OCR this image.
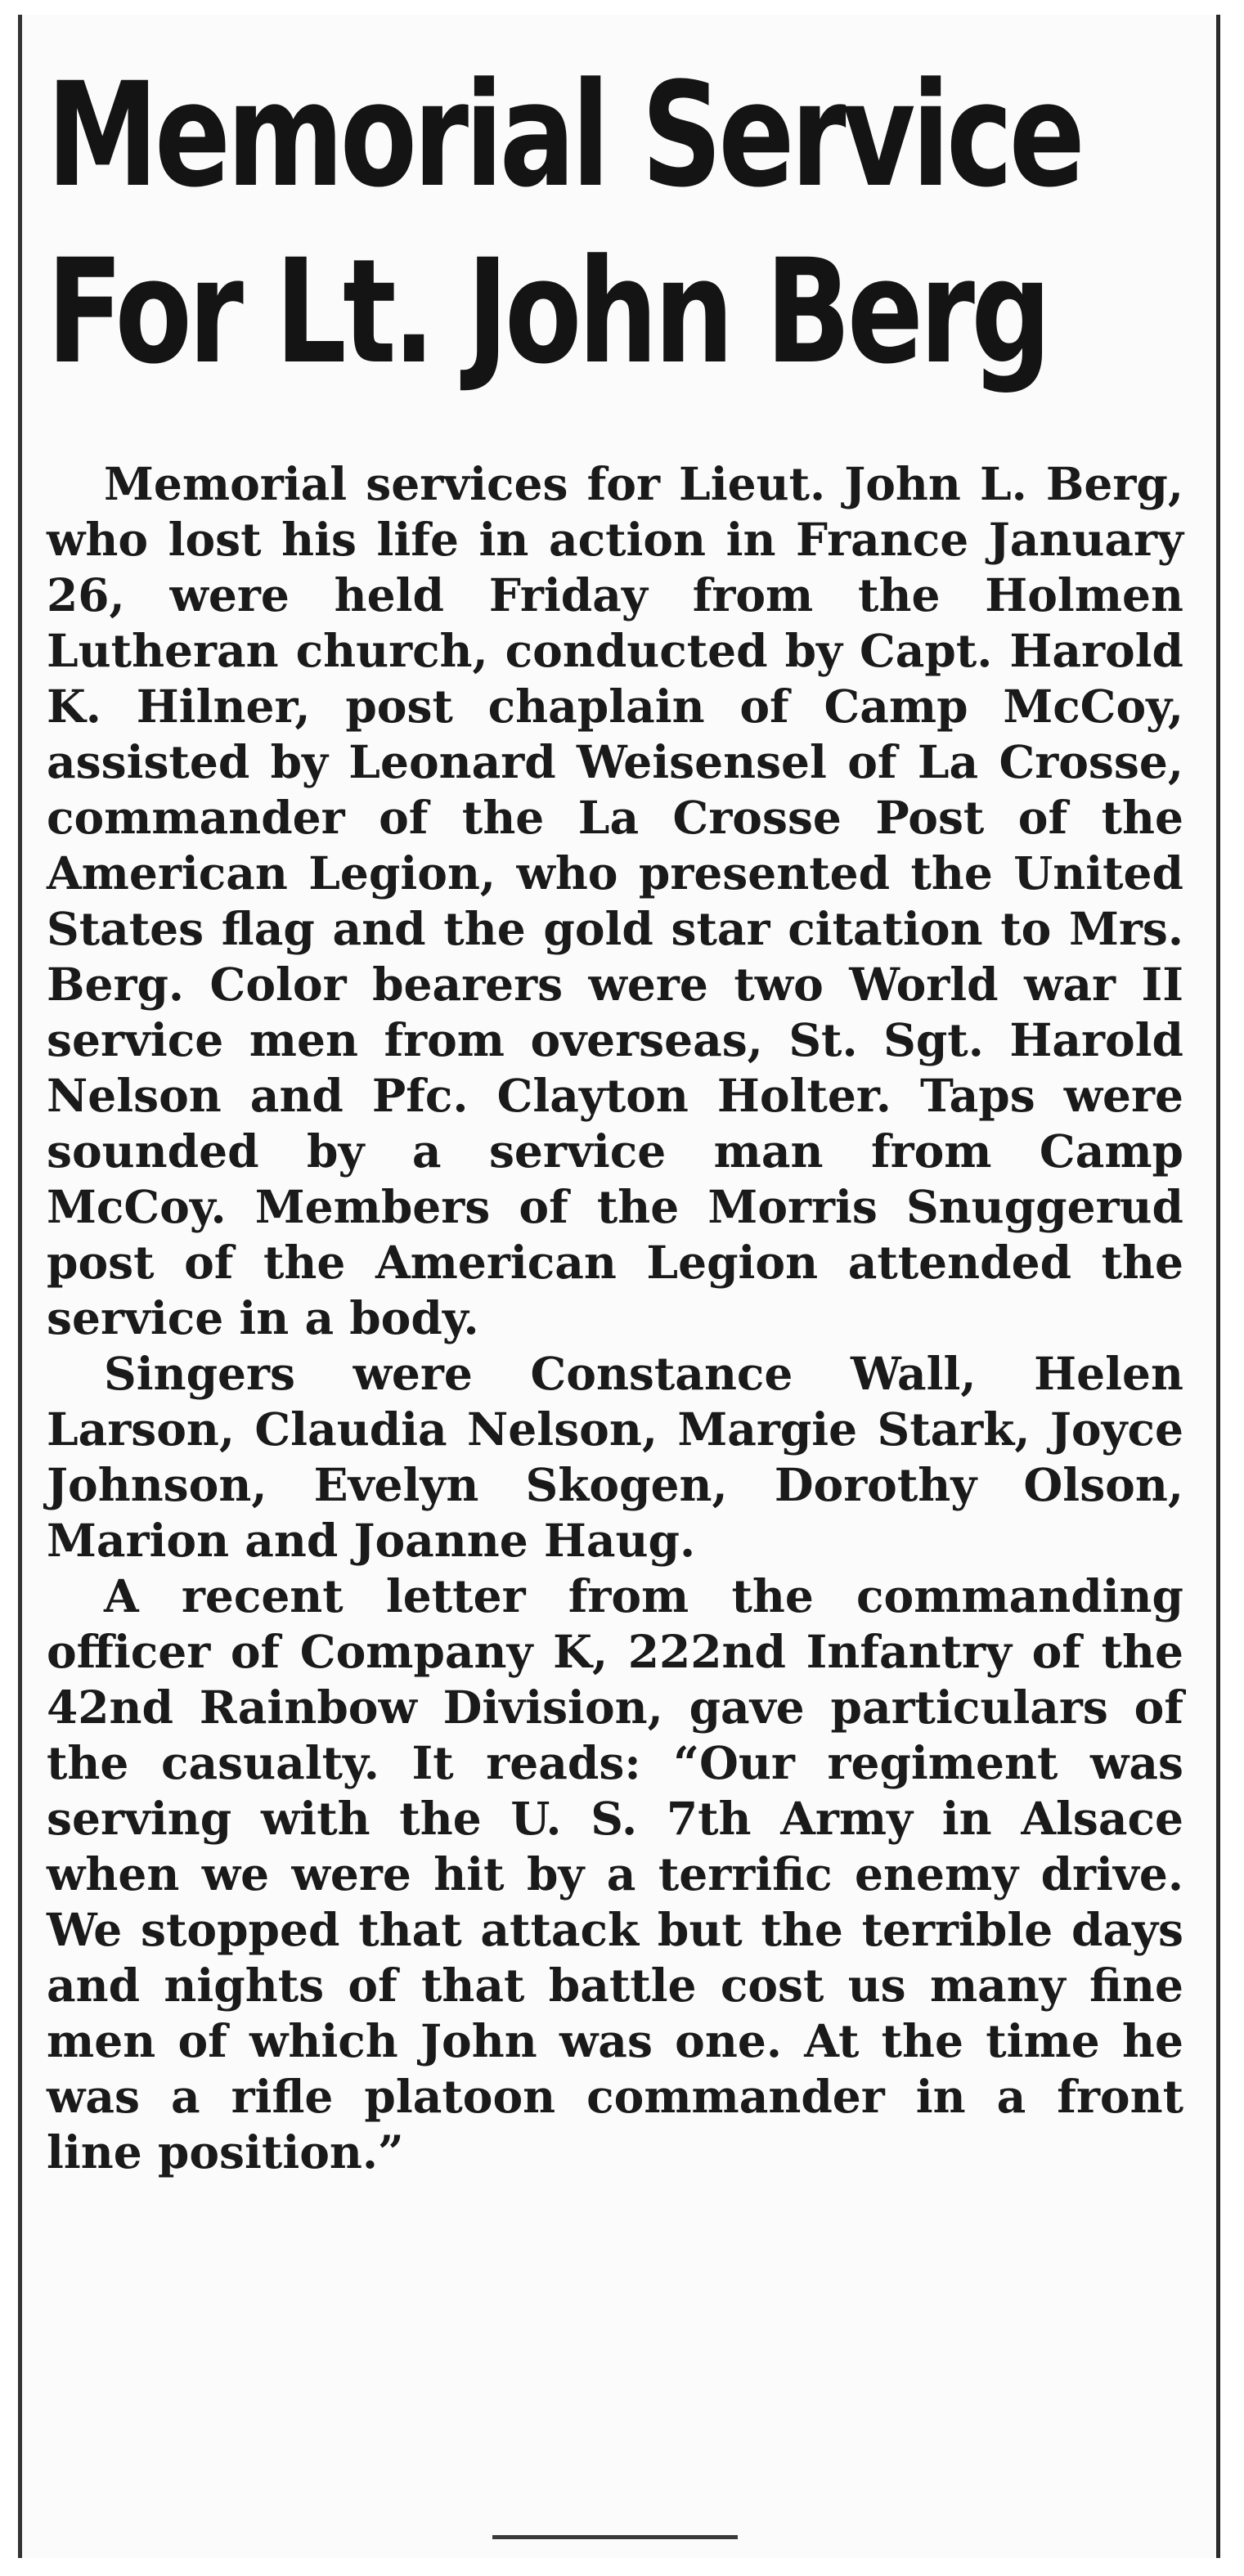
Memorial Service
For Lt. John Berg

Memorial services for Lieut. John L. Berg, who lost his life in action in France January 26, were held Friday from the Holmen Lutheran church, conducted by Capt. Harold K. Hilner, post chaplain of Camp McCoy, assisted by Leonard Weisensel of La Crosse, commander of the La Crosse Post of the American Legion, who presented the United States flag and the gold star citation to Mrs. Berg. Color bearers were two World war II service men from overseas, St. Sgt. Harold Nelson and Pfc. Clayton Holter. Taps were sounded by a service man from Camp McCoy. Members of the Morris Snuggerud post of the American Legion attended the service in a body.

Singers were Constance Wall, Helen Larson, Claudia Nelson, Margie Stark, Joyce Johnson, Evelyn Skogen, Dorothy Olson, Marion and Joanne Haug.

A recent letter from the commanding officer of Company K, 222nd Infantry of the 42nd Rainbow Division, gave particulars of the casualty. It reads: “Our regiment was serving with the U. S. 7th Army in Alsace when we were hit by a terrific enemy drive. We stopped that attack but the terrible days and nights of that battle cost us many fine men of which John was one. At the time he was a rifle platoon commander in a front line position.”
